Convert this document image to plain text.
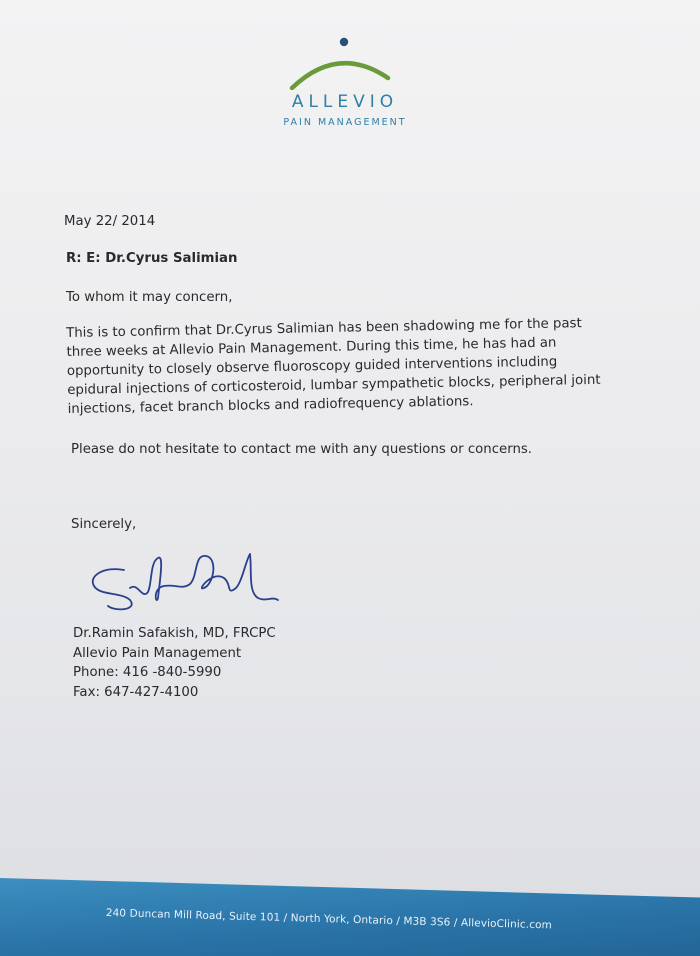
ALLEVIO
PAIN MANAGEMENT
May 22/ 2014
R: E: Dr.Cyrus Salimian
To whom it may concern,
This is to confirm that Dr.Cyrus Salimian has been shadowing me for the past
three weeks at Allevio Pain Management. During this time, he has had an
opportunity to closely observe fluoroscopy guided interventions including
epidural injections of corticosteroid, lumbar sympathetic blocks, peripheral joint
injections, facet branch blocks and radiofrequency ablations.
Please do not hesitate to contact me with any questions or concerns.
Sincerely,
Dr.Ramin Safakish, MD, FRCPC
Allevio Pain Management
Phone: 416 -840-5990
Fax: 647-427-4100
240 Duncan Mill Road, Suite 101 / North York, Ontario / M3B 3S6 / AllevioClinic.com
